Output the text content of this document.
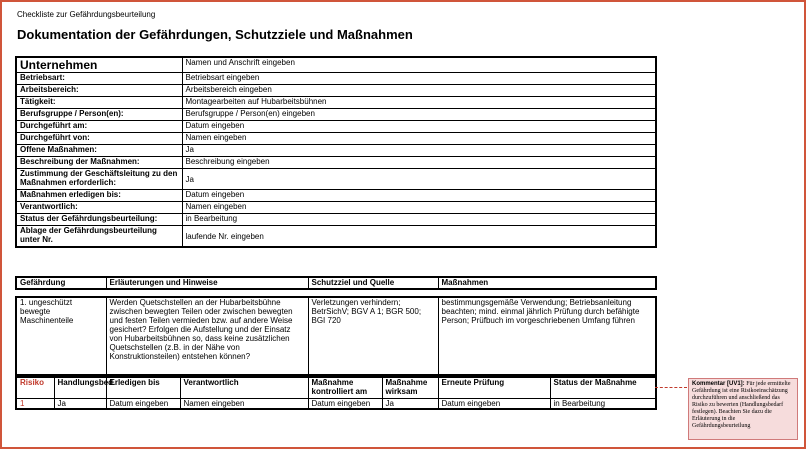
Checkliste zur Gefährdungsbeurteilung
Dokumentation der Gefährdungen, Schutzziele und Maßnahmen
Unternehmen	Namen und Anschrift eingeben
Betriebsart:	Betriebsart eingeben
Arbeitsbereich:	Arbeitsbereich eingeben
Tätigkeit:	Montagearbeiten auf Hubarbeitsbühnen
Berufsgruppe / Person(en):	Berufsgruppe / Person(en) eingeben
Durchgeführt am:	Datum eingeben
Durchgeführt von:	Namen eingeben
Offene Maßnahmen:	Ja
Beschreibung der Maßnahmen:	Beschreibung eingeben
Zustimmung der Geschäftsleitung zu den Maßnahmen erforderlich:	Ja
Maßnahmen erledigen bis:	Datum eingeben
Verantwortlich:	Namen eingeben
Status der Gefährdungsbeurteilung:	in Bearbeitung
Ablage der Gefährdungsbeurteilung unter Nr.	laufende Nr. eingeben
Gefährdung	Erläuterungen und Hinweise	Schutzziel und Quelle	Maßnahmen
1. ungeschützt bewegte Maschinenteile	Werden Quetschstellen an der Hubarbeitsbühne zwischen bewegten Teilen oder zwischen bewegten und festen Teilen vermieden bzw. auf andere Weise gesichert? Erfolgen die Aufstellung und der Einsatz von Hubarbeitsbühnen so, dass keine zusätzlichen Quetschstellen (z.B. in der Nähe von Konstruktionsteilen) entstehen können?	Verletzungen verhindern; BetrSichV; BGV A 1; BGR 500; BGI 720	bestimmungsgemäße Verwendung; Betriebsanleitung beachten; mind. einmal jährlich Prüfung durch befähigte Person; Prüfbuch im vorgeschriebenen Umfang führen
Risiko	Handlungsbed.	Erledigen bis	Verantwortlich	Maßnahme kontrolliert am	Maßnahme wirksam	Erneute Prüfung	Status der Maßnahme
1	Ja	Datum eingeben	Namen eingeben	Datum eingeben	Ja	Datum eingeben	in Bearbeitung
Kommentar [UV1]: Für jede ermittelte Gefährdung ist eine Risikoeinschätzung durchzuführen und anschließend das Risiko zu bewerten (Handlungsbedarf festlegen). Beachten Sie dazu die Erläuterung in die Gefährdungsbeurteilung
